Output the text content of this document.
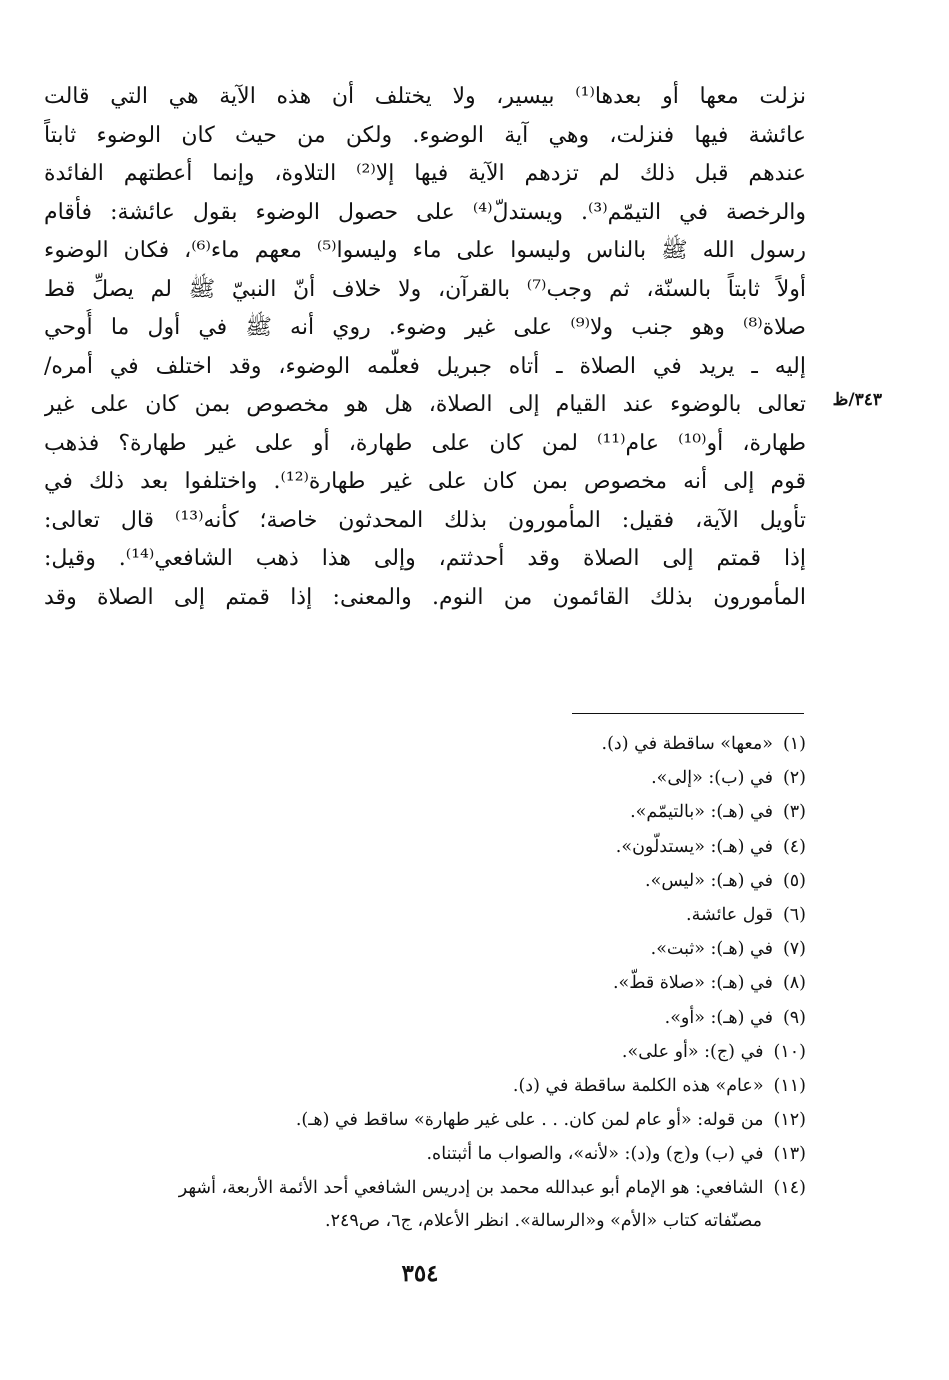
نزلت معها أو بعدها⁽¹⁾ بيسير، ولا يختلف أن هذه الآية هي التي قالت
عائشة فيها فنزلت، وهي آية الوضوء. ولكن من حيث كان الوضوء ثابتاً
عندهم قبل ذلك لم تزدهم الآية فيها إلا⁽²⁾ التلاوة، وإنما أعطتهم الفائدة
والرخصة في التيمّم⁽³⁾. ويستدلّ⁽⁴⁾ على حصول الوضوء بقول عائشة: فأقام
رسول الله ﷺ بالناس وليسوا على ماء وليسوا⁽⁵⁾ معهم ماء⁽⁶⁾، فكان الوضوء
أولاً ثابتاً بالسنّة، ثم وجب⁽⁷⁾ بالقرآن، ولا خلاف أنّ النبيّ ﷺ لم يصلِّ قط
صلاة⁽⁸⁾ وهو جنب ولا⁽⁹⁾ على غير وضوء. روي أنه ﷺ في أول ما أُوحي
إليه ـ يريد في الصلاة ـ أتاه جبريل فعلّمه الوضوء، وقد اختلف في أمره/
تعالى بالوضوء عند القيام إلى الصلاة، هل هو مخصوص بمن كان على غير
طهارة، أو⁽¹⁰⁾ عام⁽¹¹⁾ لمن كان على طهارة، أو على غير طهارة؟ فذهب
قوم إلى أنه مخصوص بمن كان على غير طهارة⁽¹²⁾. واختلفوا بعد ذلك في
تأويل الآية، فقيل: المأمورون بذلك المحدثون خاصة؛ كأنه⁽¹³⁾ قال تعالى:
إذا قمتم إلى الصلاة وقد أحدثتم، وإلى هذا ذهب الشافعي⁽¹⁴⁾. وقيل:
المأمورون بذلك القائمون من النوم. والمعنى: إذا قمتم إلى الصلاة وقد
٣٤٣/ظ
(١)«معها» ساقطة في (د).
(٢)في (ب): «إلى».
(٣)في (هـ): «بالتيمّم».
(٤)في (هـ): «يستدلّون».
(٥)في (هـ): «ليس».
(٦)قول عائشة.
(٧)في (هـ): «ثبت».
(٨)في (هـ): «صلاة قطّ».
(٩)في (هـ): «أو».
(١٠)في (ج): «أو على».
(١١)«عام» هذه الكلمة ساقطة في (د).
(١٢)من قوله: «أو عام لمن كان. . . على غير طهارة» ساقط في (هـ).
(١٣)في (ب) و(ج) و(د): «لأنه»، والصواب ما أثبتناه.
(١٤)الشافعي: هو الإمام أبو عبدالله محمد بن إدريس الشافعي أحد الأئمة الأربعة، أشهر
مصنّفاته كتاب «الأم» و«الرسالة». انظر الأعلام، ج٦، ص٢٤٩.
٣٥٤
